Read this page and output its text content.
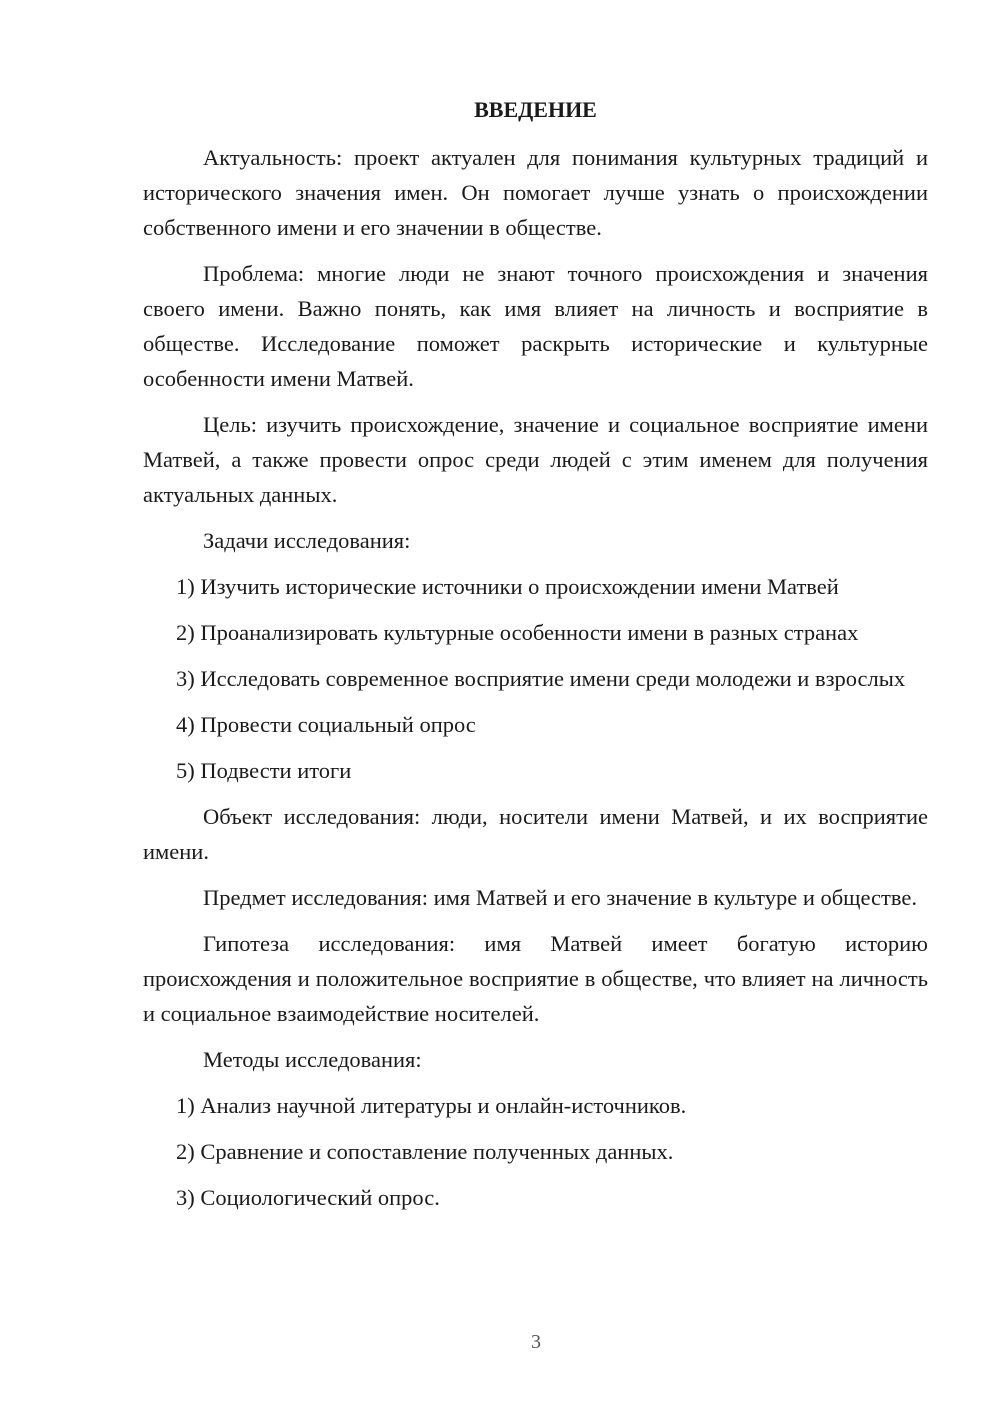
ВВЕДЕНИЕ

Актуальность: проект актуален для понимания культурных традиций и исторического значения имен. Он помогает лучше узнать о происхождении собственного имени и его значении в обществе.

Проблема: многие люди не знают точного происхождения и значения своего имени. Важно понять, как имя влияет на личность и восприятие в обществе. Исследование поможет раскрыть исторические и культурные особенности имени Матвей.

Цель: изучить происхождение, значение и социальное восприятие имени Матвей, а также провести опрос среди людей с этим именем для получения актуальных данных.

Задачи исследования:

1) Изучить исторические источники о происхождении имени Матвей

2) Проанализировать культурные особенности имени в разных странах

3) Исследовать современное восприятие имени среди молодежи и взрослых

4) Провести социальный опрос

5) Подвести итоги

Объект исследования: люди, носители имени Матвей, и их восприятие имени.

Предмет исследования: имя Матвей и его значение в культуре и обществе.

Гипотеза исследования: имя Матвей имеет богатую историю происхождения и положительное восприятие в обществе, что влияет на личность и социальное взаимодействие носителей.

Методы исследования:

1) Анализ научной литературы и онлайн-источников.

2) Сравнение и сопоставление полученных данных.

3) Социологический опрос.

3
